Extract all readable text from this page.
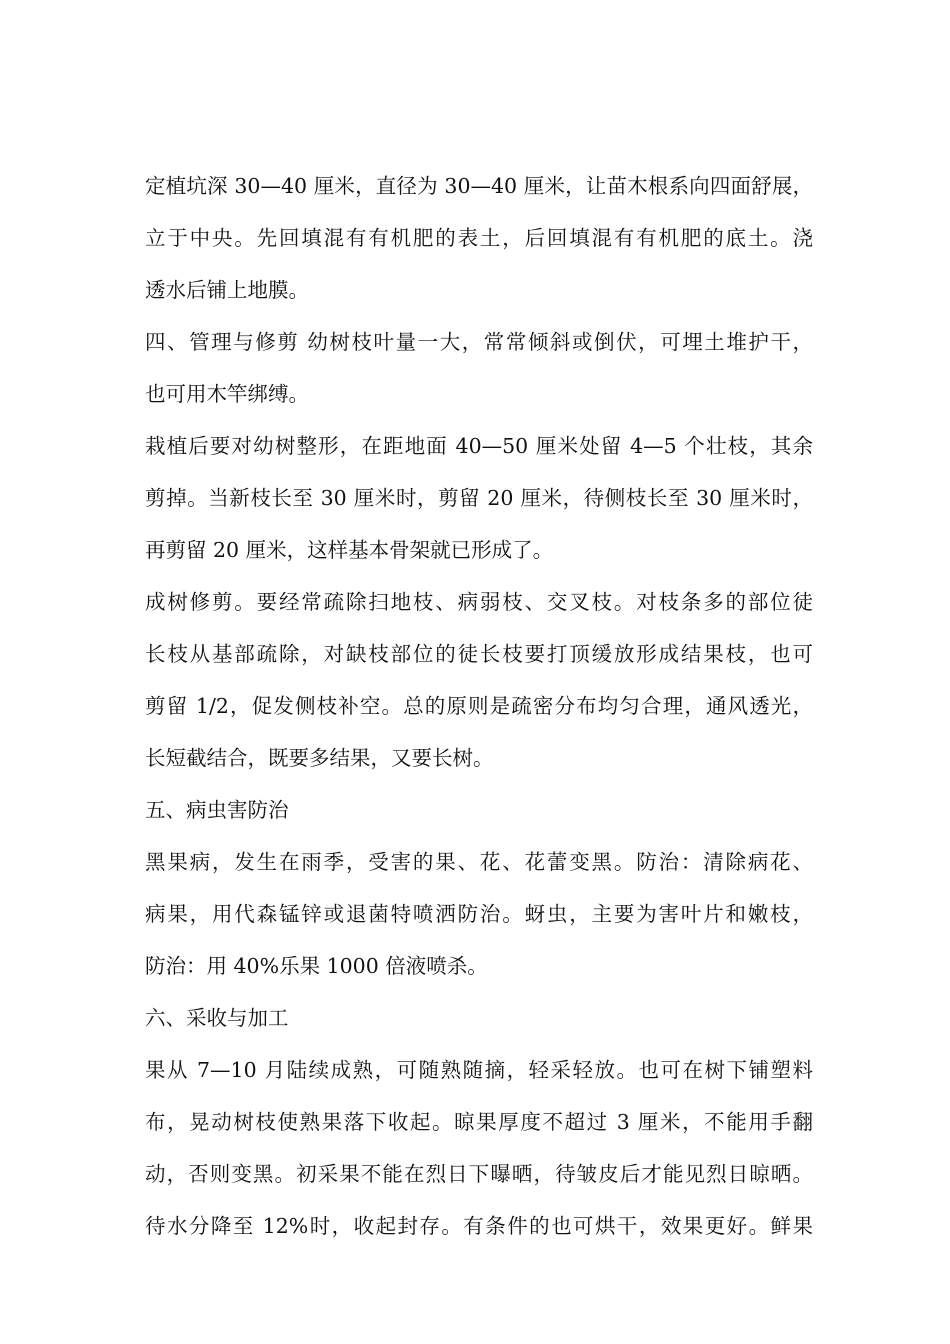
定植坑深 30—40 厘米，直径为 30—40 厘米，让苗木根系向四面舒展，
立于中央。先回填混有有机肥的表土，后回填混有有机肥的底土。浇
透水后铺上地膜。
四、管理与修剪 幼树枝叶量一大，常常倾斜或倒伏，可埋土堆护干，
也可用木竿绑缚。
栽植后要对幼树整形，在距地面 40—50 厘米处留 4—5 个壮枝，其余
剪掉。当新枝长至 30 厘米时，剪留 20 厘米，待侧枝长至 30 厘米时，
再剪留 20 厘米，这样基本骨架就已形成了。
成树修剪。要经常疏除扫地枝、病弱枝、交叉枝。对枝条多的部位徒
长枝从基部疏除，对缺枝部位的徒长枝要打顶缓放形成结果枝，也可
剪留 1/2，促发侧枝补空。总的原则是疏密分布均匀合理，通风透光，
长短截结合，既要多结果，又要长树。
五、病虫害防治
黑果病，发生在雨季，受害的果、花、花蕾变黑。防治：清除病花、
病果，用代森锰锌或退菌特喷洒防治。蚜虫，主要为害叶片和嫩枝，
防治：用 40%乐果 1000 倍液喷杀。
六、采收与加工
果从 7—10 月陆续成熟，可随熟随摘，轻采轻放。也可在树下铺塑料
布，晃动树枝使熟果落下收起。晾果厚度不超过 3 厘米，不能用手翻
动，否则变黑。初采果不能在烈日下曝晒，待皱皮后才能见烈日晾晒。
待水分降至 12%时，收起封存。有条件的也可烘干，效果更好。鲜果
